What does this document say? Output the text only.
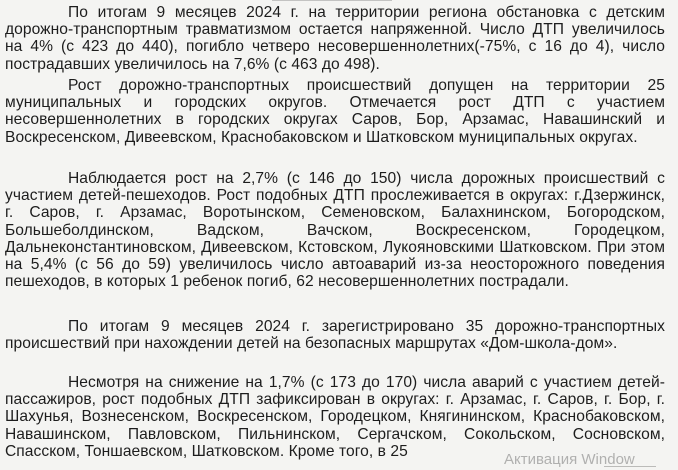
По итогам 9 месяцев 2024 г. на территории региона обстановка с детским дорожно-транспортным травматизмом остается напряженной. Число ДТП увеличилось на 4% (с 423 до 440), погибло четверо несовершеннолетних(-75%, с 16 до 4), число пострадавших увеличилось на 7,6% (с 463 до 498).

Рост дорожно-транспортных происшествий допущен на территории 25 муниципальных и городских округов. Отмечается рост ДТП с участием несовершеннолетних в городских округах Саров, Бор, Арзамас, Навашинский и Воскресенском, Дивеевском, Краснобаковском и Шатковском муниципальных округах.

Наблюдается рост на 2,7% (с 146 до 150) числа дорожных происшествий с участием детей-пешеходов. Рост подобных ДТП прослеживается в округах: г.Дзержинск, г. Саров, г. Арзамас, Воротынском, Семеновском, Балахнинском, Богородском, Большеболдинском, Вадском, Вачском, Воскресенском, Городецком, Дальнеконстантиновском, Дивеевском, Кстовском, Лукояновскими Шатковском. При этом на 5,4% (с 56 до 59) увеличилось число автоаварий из-за неосторожного поведения пешеходов, в которых 1 ребенок погиб, 62 несовершеннолетних пострадали.

По итогам 9 месяцев 2024 г. зарегистрировано 35 дорожно-транспортных происшествий при нахождении детей на безопасных маршрутах «Дом-школа-дом».

Несмотря на снижение на 1,7% (с 173 до 170) числа аварий с участием детей-пассажиров, рост подобных ДТП зафиксирован в округах: г. Арзамас, г. Саров, г. Бор, г. Шахунья, Вознесенском, Воскресенском, Городецком, Княгининском, Краснобаковском, Навашинском, Павловском, Пильнинском, Сергачском, Сокольском, Сосновском, Спасском, Тоншаевском, Шатковском. Кроме того, в 25	Активация Window
